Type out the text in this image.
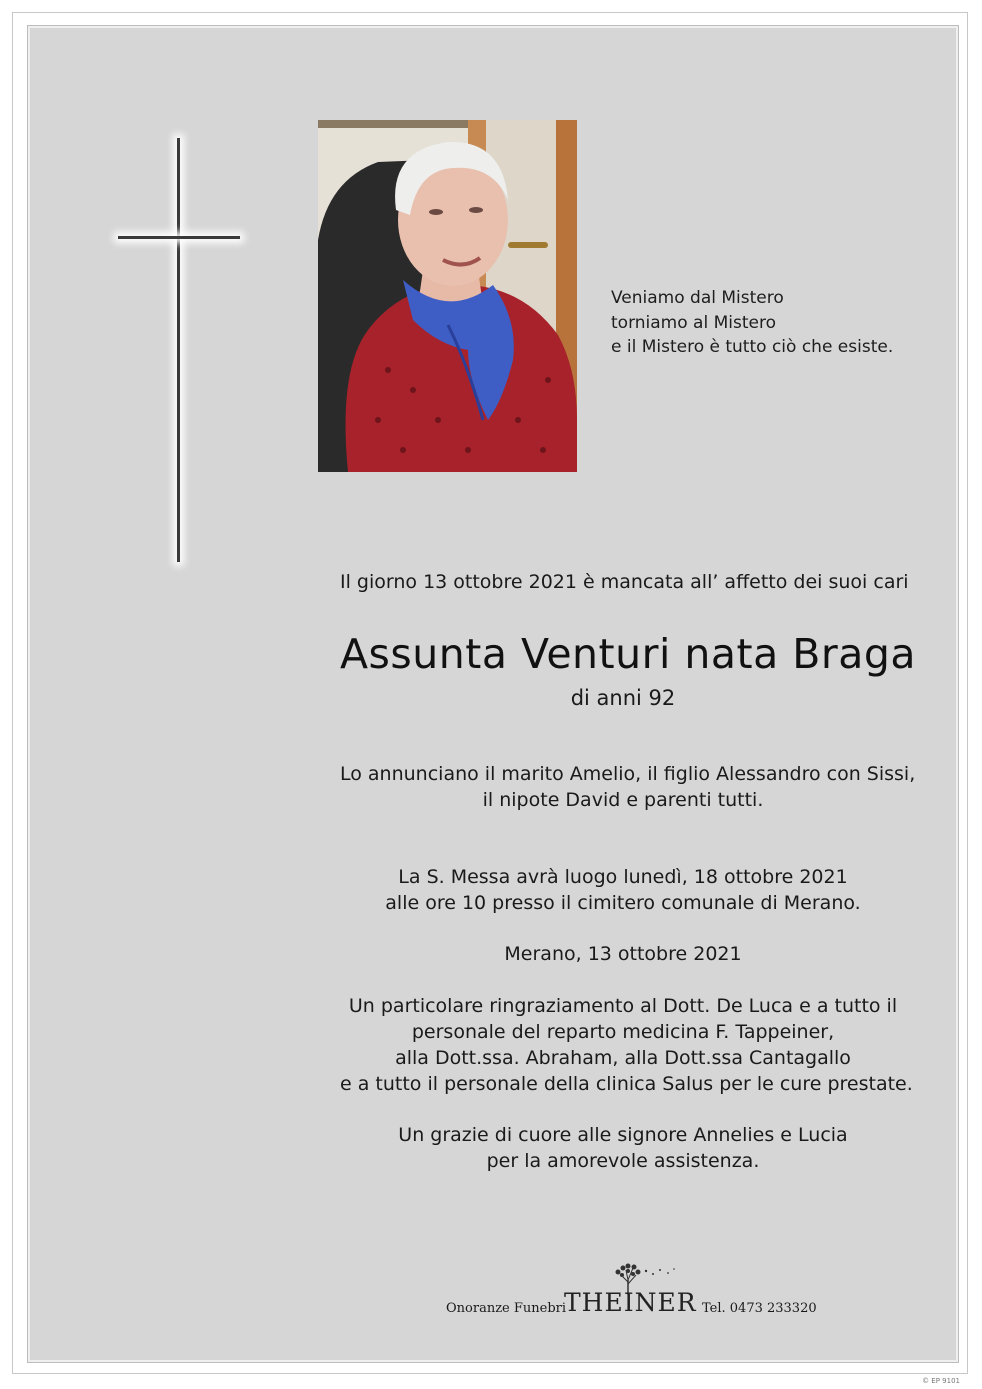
Veniamo dal Mistero
torniamo al Mistero
e il Mistero è tutto ciò che esiste.
Il giorno 13 ottobre 2021 è mancata all’ affetto dei suoi cari
Assunta Venturi nata Braga
di anni 92
Lo annunciano il marito Amelio, il figlio Alessandro con Sissi,
il nipote David e parenti tutti.
La S. Messa avrà luogo lunedì, 18 ottobre 2021
alle ore 10 presso il cimitero comunale di Merano.
Merano, 13 ottobre 2021
Un particolare ringraziamento al Dott. De Luca e a tutto il
personale del reparto medicina F. Tappeiner,
alla Dott.ssa. Abraham, alla Dott.ssa Cantagallo
e a tutto il personale della clinica Salus per le cure prestate.
Un grazie di cuore alle signore Annelies e Lucia
per la amorevole assistenza.
Onoranze Funebri
THEINER Tel. 0473 233320
© EP 9101
